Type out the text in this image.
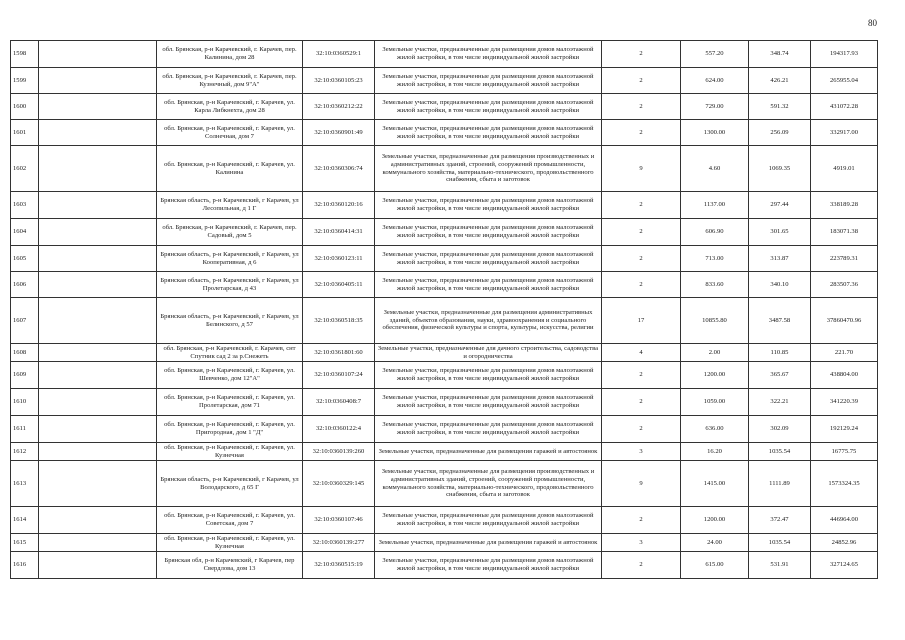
80
1598		обл. Брянская, р-н Карачевский, г. Карачев, пер. Калинина, дом 28	32:10:0360529:1	Земельные участки, предназначенные для размещения домов малоэтажной жилой застройки, в том числе индивидуальной жилой застройки	2	557.20	348.74	194317.93
1599		обл. Брянская, р-н Карачевский, г. Карачев, пер. Кузнечный, дом 9"А"	32:10:0360105:23	Земельные участки, предназначенные для размещения домов малоэтажной жилой застройки, в том числе индивидуальной жилой застройки	2	624.00	426.21	265955.04
1600		обл. Брянская, р-н Карачевский, г. Карачев, ул. Карла Либкнехта, дом 28	32:10:0360212:22	Земельные участки, предназначенные для размещения домов малоэтажной жилой застройки, в том числе индивидуальной жилой застройки	2	729.00	591.32	431072.28
1601		обл. Брянская, р-н Карачевский, г. Карачев, ул. Солнечная, дом 7	32:10:0360901:49	Земельные участки, предназначенные для размещения домов малоэтажной жилой застройки, в том числе индивидуальной жилой застройки	2	1300.00	256.09	332917.00
1602		обл. Брянская, р-н Карачевский, г. Карачев, ул. Калинина	32:10:0360306:74	Земельные участки, предназначенные для размещения производственных и административных зданий, строений, сооружений промышленности, коммунального хозяйства, материально-технического, продовольственного снабжения, сбыта и заготовок	9	4.60	1069.35	4919.01
1603		Брянская область, р-н Карачевский, г Карачев, ул Лесопильная, д 1 Г	32:10:0360120:16	Земельные участки, предназначенные для размещения домов малоэтажной жилой застройки, в том числе индивидуальной жилой застройки	2	1137.00	297.44	338189.28
1604		обл. Брянская, р-н Карачевский, г. Карачев, пер. Садовый, дом 5	32:10:0360414:31	Земельные участки, предназначенные для размещения домов малоэтажной жилой застройки, в том числе индивидуальной жилой застройки	2	606.90	301.65	183071.38
1605		Брянская область, р-н Карачевский, г Карачев, ул Кооперативная, д 6	32:10:0360123:11	Земельные участки, предназначенные для размещения домов малоэтажной жилой застройки, в том числе индивидуальной жилой застройки	2	713.00	313.87	223789.31
1606		Брянская область, р-н Карачевский, г Карачев, ул Пролетарская, д 43	32:10:0360405:11	Земельные участки, предназначенные для размещения домов малоэтажной жилой застройки, в том числе индивидуальной жилой застройки	2	833.60	340.10	283507.36
1607		Брянская область, р-н Карачевский, г Карачев, ул Белинского, д 57	32:10:0360518:35	Земельные участки, предназначенные для размещения административных зданий, объектов образования, науки, здравоохранения и социального обеспечения, физической культуры и спорта, культуры, искусства, религии	17	10855.80	3487.58	37860470.96
1608		обл. Брянская, р-н Карачевский, г. Карачев, снт Спутник сад 2 за р.Снежеть	32:10:0361801:60	Земельные участки, предназначенные для дачного строительства, садоводства и огородничества	4	2.00	110.85	221.70
1609		обл. Брянская, р-н Карачевский, г. Карачев, ул. Шевченко, дом 12"А"	32:10:0360107:24	Земельные участки, предназначенные для размещения домов малоэтажной жилой застройки, в том числе индивидуальной жилой застройки	2	1200.00	365.67	438804.00
1610		обл. Брянская, р-н Карачевский, г. Карачев, ул. Пролетарская, дом 71	32:10:0360408:7	Земельные участки, предназначенные для размещения домов малоэтажной жилой застройки, в том числе индивидуальной жилой застройки	2	1059.00	322.21	341220.39
1611		обл. Брянская, р-н Карачевский, г. Карачев, ул. Пригородная, дом 1 "Д"	32:10:0360122:4	Земельные участки, предназначенные для размещения домов малоэтажной жилой застройки, в том числе индивидуальной жилой застройки	2	636.00	302.09	192129.24
1612		обл. Брянская, р-н Карачевский, г. Карачев, ул. Кузнечная	32:10:0360139:260	Земельные участки, предназначенные для размещения гаражей и автостоянок	3	16.20	1035.54	16775.75
1613		Брянская область, р-н Карачевский, г Карачев, ул Володарского, д 65 Г	32:10:0360329:145	Земельные участки, предназначенные для размещения производственных и административных зданий, строений, сооружений промышленности, коммунального хозяйства, материально-технического, продовольственного снабжения, сбыта и заготовок	9	1415.00	1111.89	1573324.35
1614		обл. Брянская, р-н Карачевский, г. Карачев, ул. Советская, дом 7	32:10:0360107:46	Земельные участки, предназначенные для размещения домов малоэтажной жилой застройки, в том числе индивидуальной жилой застройки	2	1200.00	372.47	446964.00
1615		обл. Брянская, р-н Карачевский, г. Карачев, ул. Кузнечная	32:10:0360139:277	Земельные участки, предназначенные для размещения гаражей и автостоянок	3	24.00	1035.54	24852.96
1616		Брянская обл, р-н Карачевский, г Карачев, пер Свердлова, дом 13	32:10:0360515:19	Земельные участки, предназначенные для размещения домов малоэтажной жилой застройки, в том числе индивидуальной жилой застройки	2	615.00	531.91	327124.65
